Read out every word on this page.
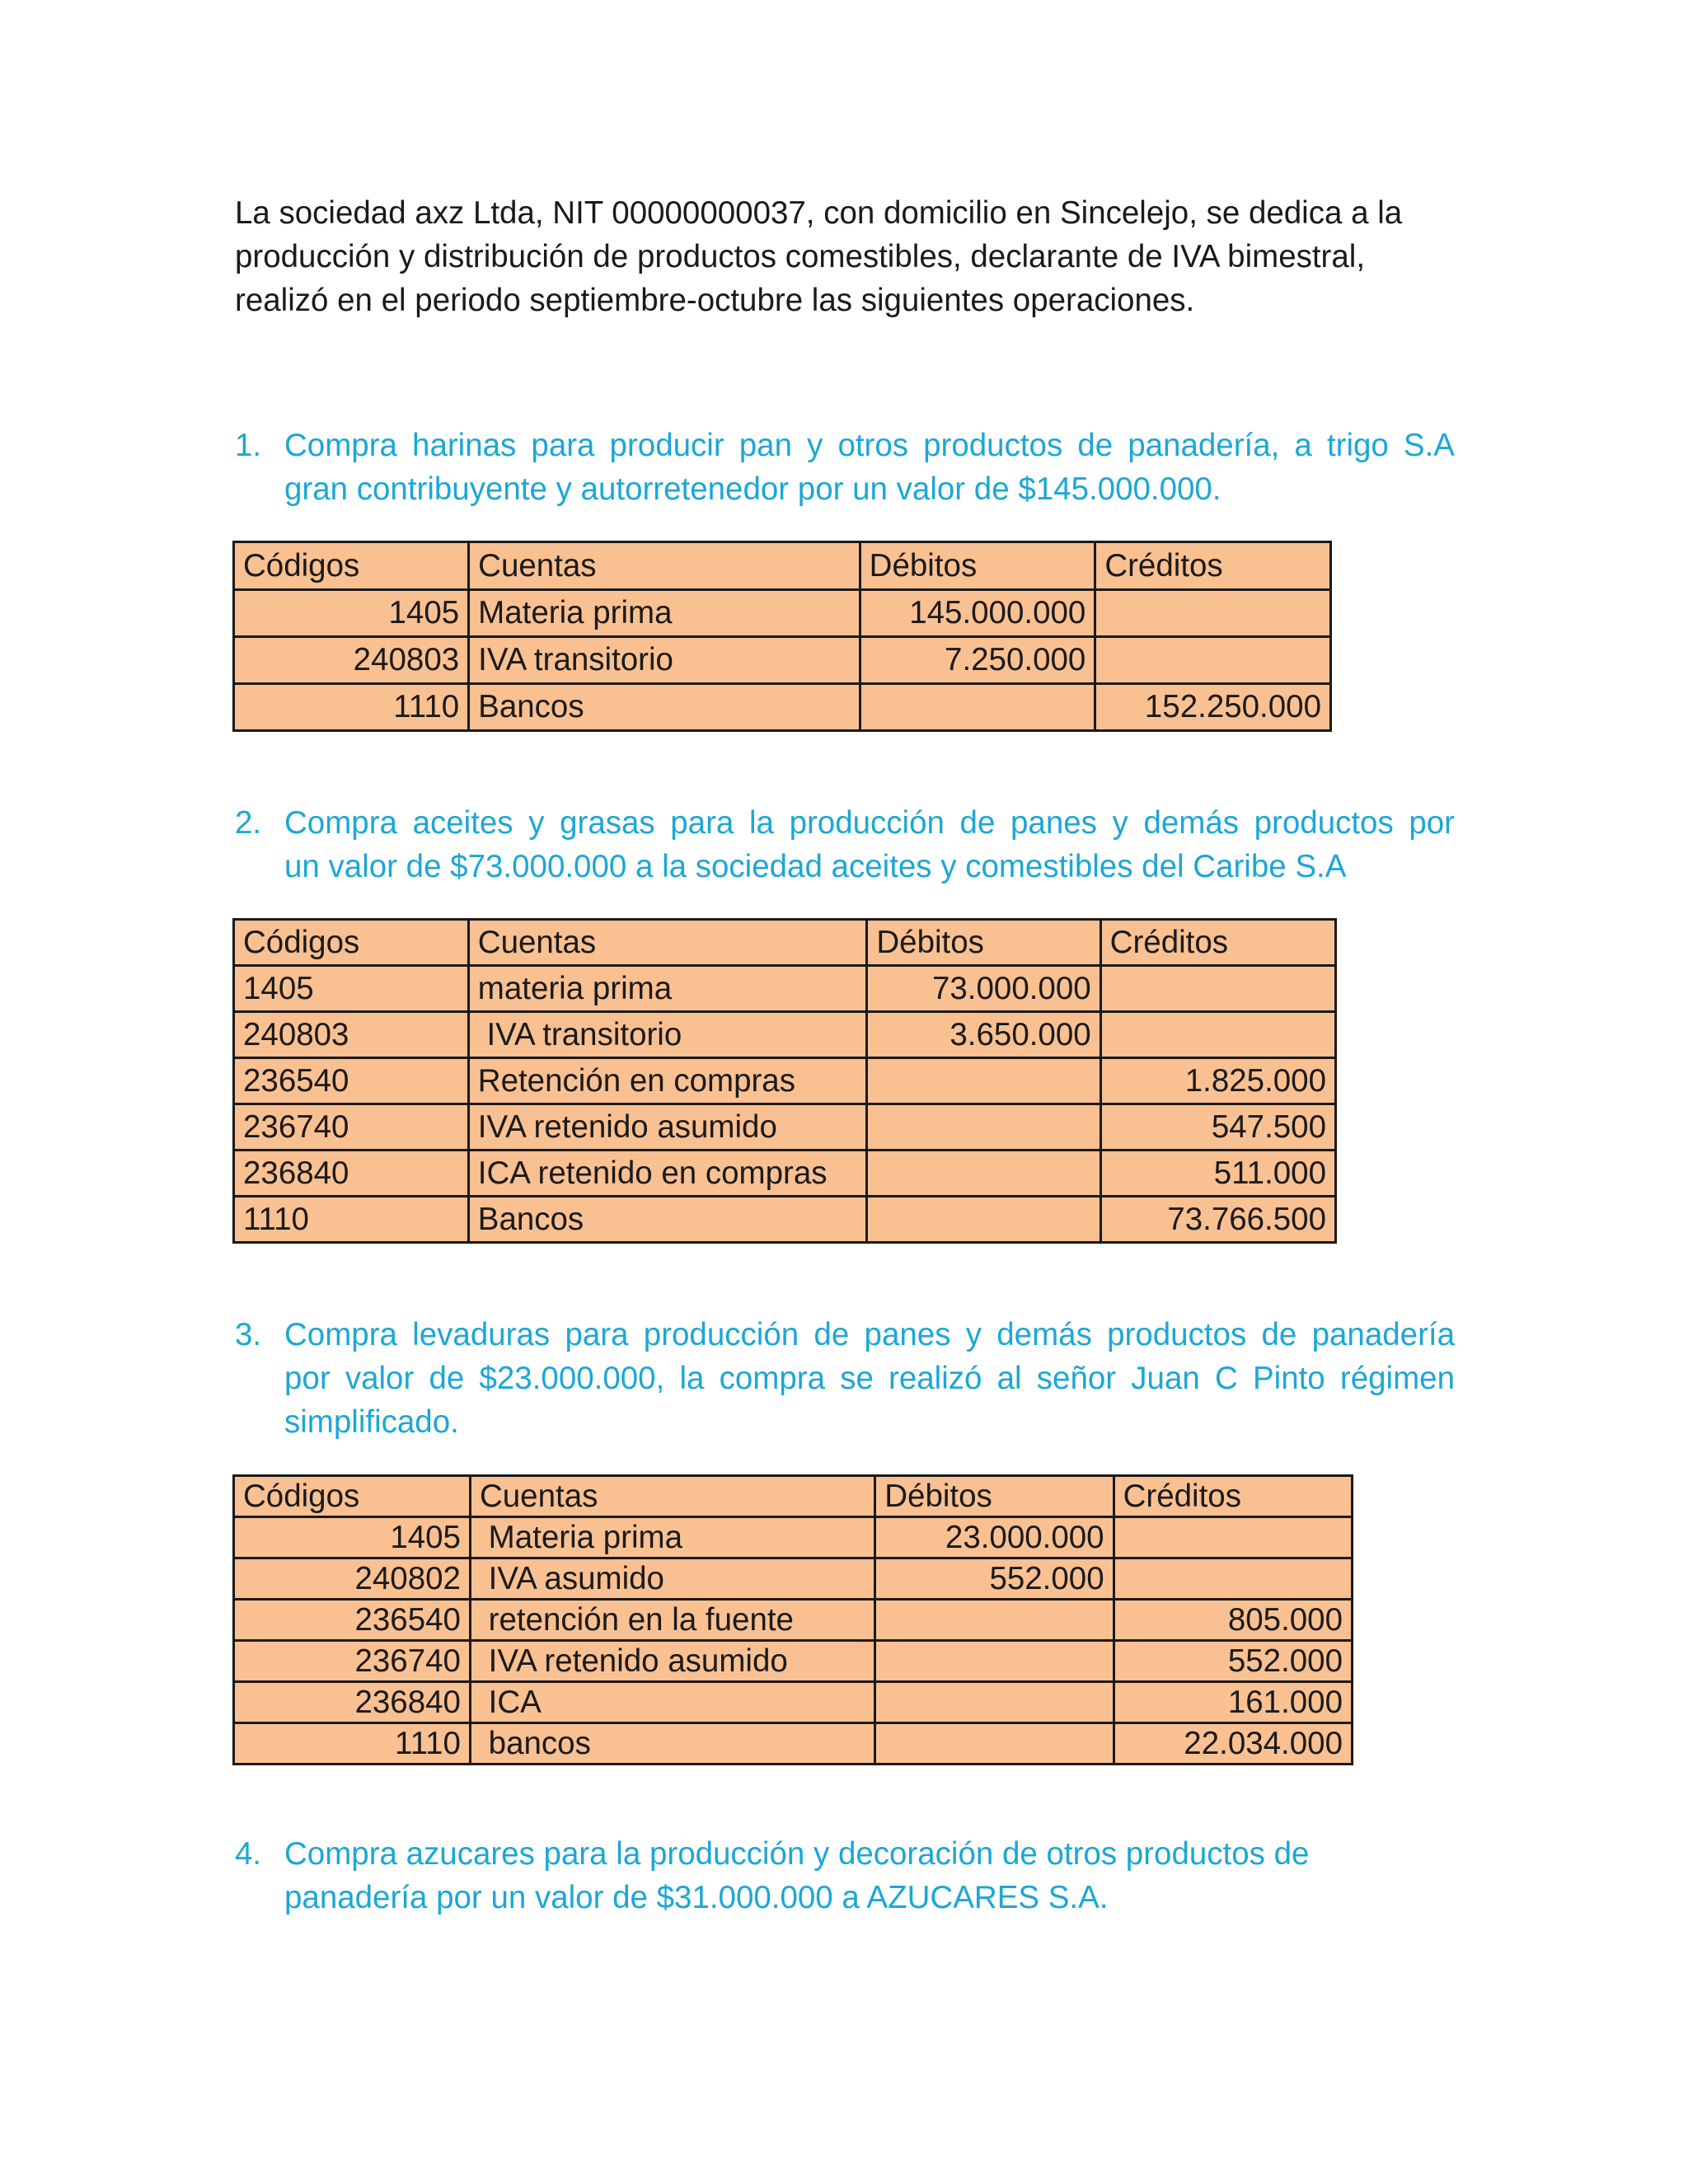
La sociedad axz Ltda, NIT 00000000037, con domicilio en Sincelejo, se dedica a la
producción y distribución de productos comestibles, declarante de IVA bimestral,
realizó en el periodo septiembre-octubre las siguientes operaciones.
1. Compra harinas para producir pan y otros productos de panadería, a trigo S.A
gran contribuyente y autorretenedor por un valor de $145.000.000.
Códigos	Cuentas	Débitos	Créditos
1405	Materia prima	145.000.000	
240803	IVA transitorio	7.250.000	
1110	Bancos		152.250.000
2. Compra aceites y grasas para la producción de panes y demás productos por
un valor de $73.000.000 a la sociedad aceites y comestibles del Caribe S.A
Códigos	Cuentas	Débitos	Créditos
1405	materia prima	73.000.000	
240803	IVA transitorio	3.650.000	
236540	Retención en compras		1.825.000
236740	IVA retenido asumido		547.500
236840	ICA retenido en compras		511.000
1110	Bancos		73.766.500
3. Compra levaduras para producción de panes y demás productos de panadería
por valor de $23.000.000, la compra se realizó al señor Juan C Pinto régimen
simplificado.
Códigos	Cuentas	Débitos	Créditos
1405	Materia prima	23.000.000	
240802	IVA asumido	552.000	
236540	retención en la fuente		805.000
236740	IVA retenido asumido		552.000
236840	ICA		161.000
1110	bancos		22.034.000
4. Compra azucares para la producción y decoración de otros productos de
panadería por un valor de $31.000.000 a AZUCARES S.A.
